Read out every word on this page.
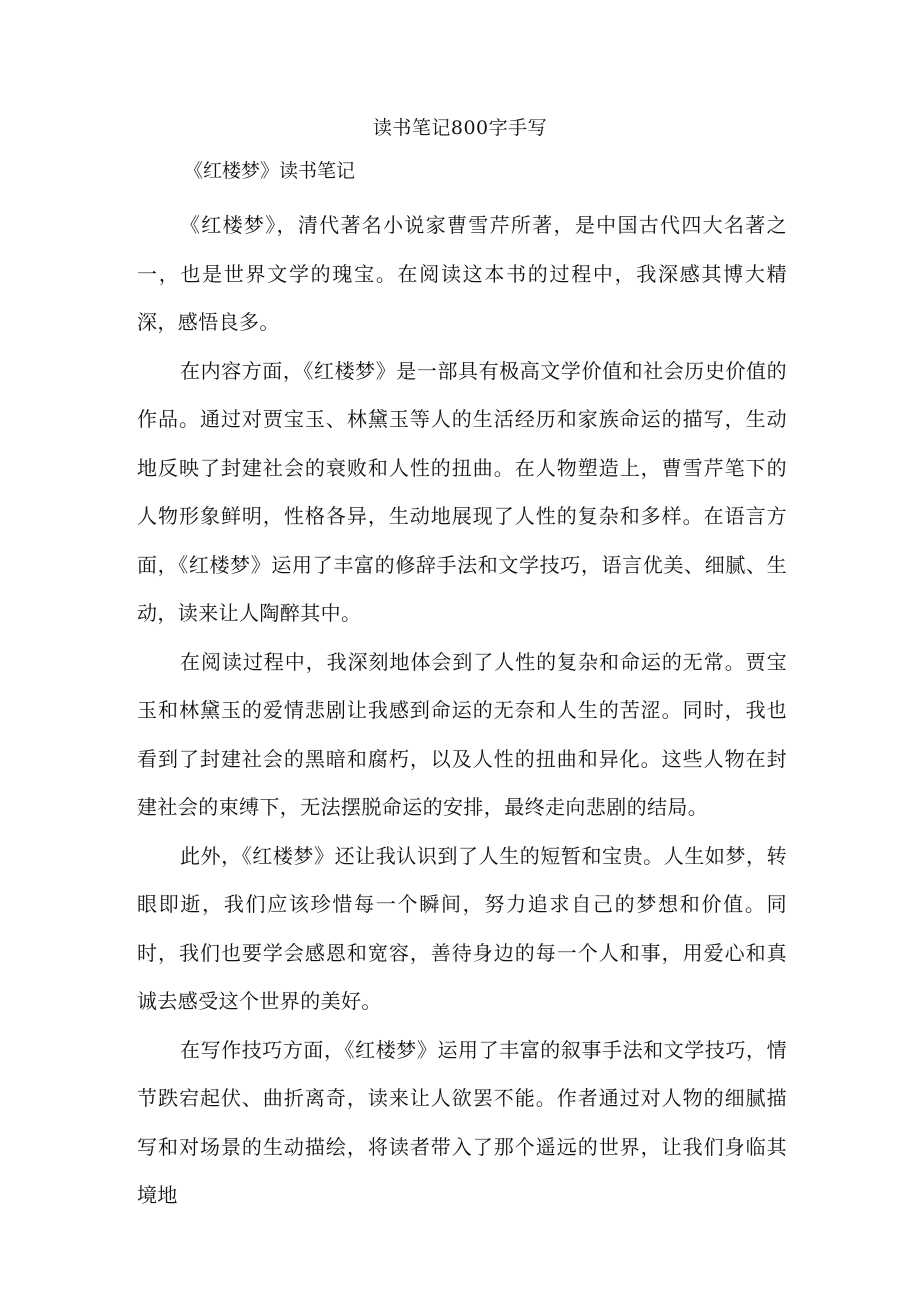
读书笔记800字手写
《红楼梦》读书笔记

《红楼梦》，清代著名小说家曹雪芹所著，是中国古代四大名著之一，也是世界文学的瑰宝。在阅读这本书的过程中，我深感其博大精深，感悟良多。

在内容方面，《红楼梦》是一部具有极高文学价值和社会历史价值的作品。通过对贾宝玉、林黛玉等人的生活经历和家族命运的描写，生动地反映了封建社会的衰败和人性的扭曲。在人物塑造上，曹雪芹笔下的人物形象鲜明，性格各异，生动地展现了人性的复杂和多样。在语言方面，《红楼梦》运用了丰富的修辞手法和文学技巧，语言优美、细腻、生动，读来让人陶醉其中。

在阅读过程中，我深刻地体会到了人性的复杂和命运的无常。贾宝玉和林黛玉的爱情悲剧让我感到命运的无奈和人生的苦涩。同时，我也看到了封建社会的黑暗和腐朽，以及人性的扭曲和异化。这些人物在封建社会的束缚下，无法摆脱命运的安排，最终走向悲剧的结局。

此外，《红楼梦》还让我认识到了人生的短暂和宝贵。人生如梦，转眼即逝，我们应该珍惜每一个瞬间，努力追求自己的梦想和价值。同时，我们也要学会感恩和宽容，善待身边的每一个人和事，用爱心和真诚去感受这个世界的美好。

在写作技巧方面，《红楼梦》运用了丰富的叙事手法和文学技巧，情节跌宕起伏、曲折离奇，读来让人欲罢不能。作者通过对人物的细腻描写和对场景的生动描绘，将读者带入了那个遥远的世界，让我们身临其境地
